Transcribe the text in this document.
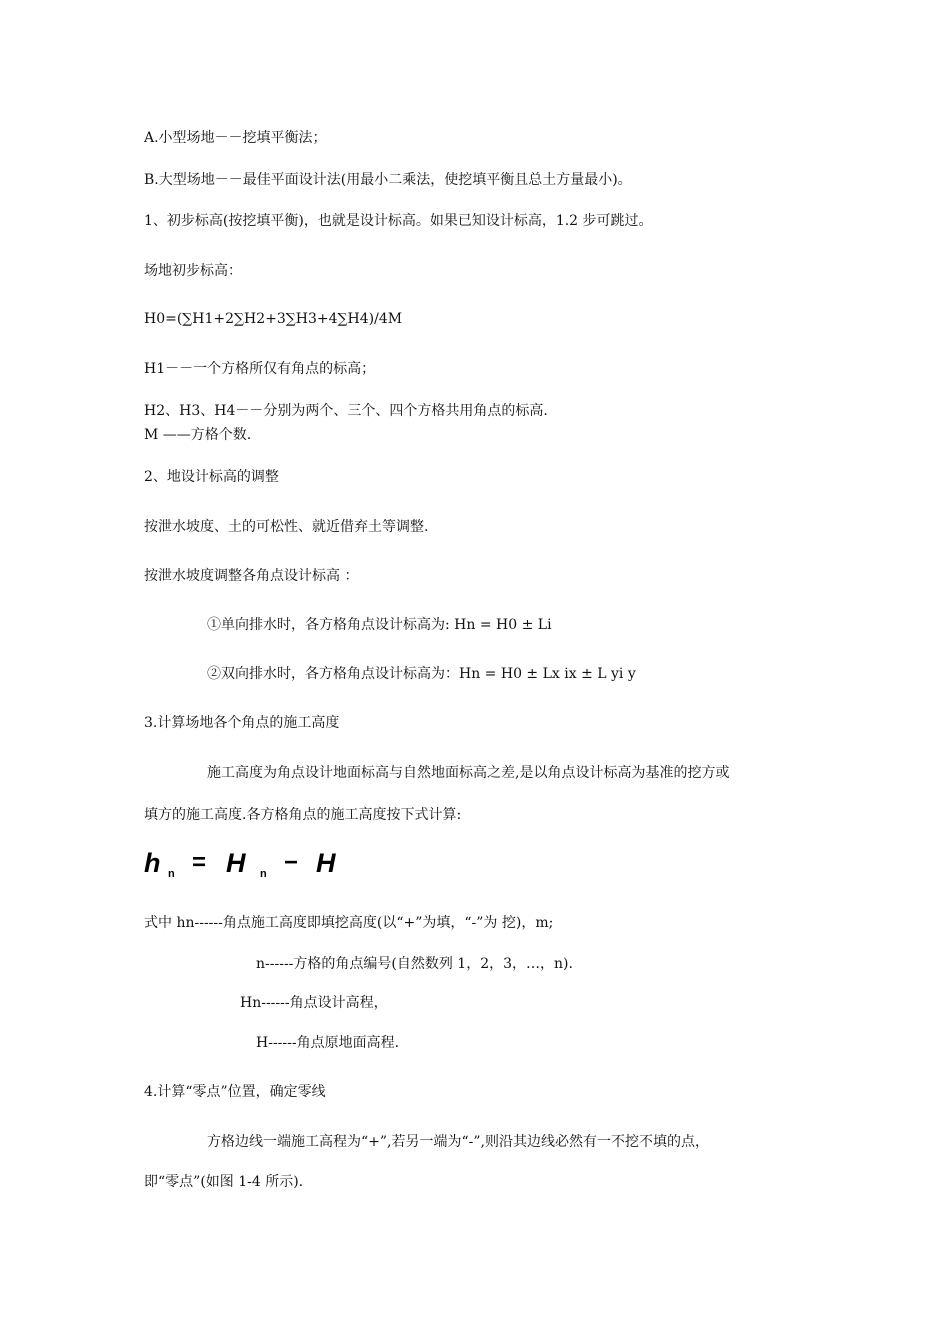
A.小型场地－－挖填平衡法；
B.大型场地－－最佳平面设计法(用最小二乘法，使挖填平衡且总土方量最小)。
1、初步标高(按挖填平衡)，也就是设计标高。如果已知设计标高，1.2 步可跳过。
场地初步标高：
H0=(∑H1+2∑H2+3∑H3+4∑H4)/4M
H1－－一个方格所仅有角点的标高；
H2、H3、H4－－分别为两个、三个、四个方格共用角点的标高.
M ——方格个数.
2、地设计标高的调整
按泄水坡度、土的可松性、就近借弃土等调整.
按泄水坡度调整各角点设计标高 ：
①单向排水时，各方格角点设计标高为: Hn = H0 ± Li
②双向排水时，各方格角点设计标高为：Hn = H0 ± Lx ix ± L yi y
3.计算场地各个角点的施工高度
施工高度为角点设计地面标高与自然地面标高之差,是以角点设计标高为基准的挖方或
填方的施工高度.各方格角点的施工高度按下式计算:
h n = H n − H
式中 hn------角点施工高度即填挖高度(以“+”为填，“-”为 挖)，m;
n------方格的角点编号(自然数列 1，2，3，…，n).
Hn------角点设计高程，
H------角点原地面高程.
4.计算“零点”位置，确定零线
方格边线一端施工高程为“+”,若另一端为“-”,则沿其边线必然有一不挖不填的点，
即“零点”(如图 1-4 所示).
